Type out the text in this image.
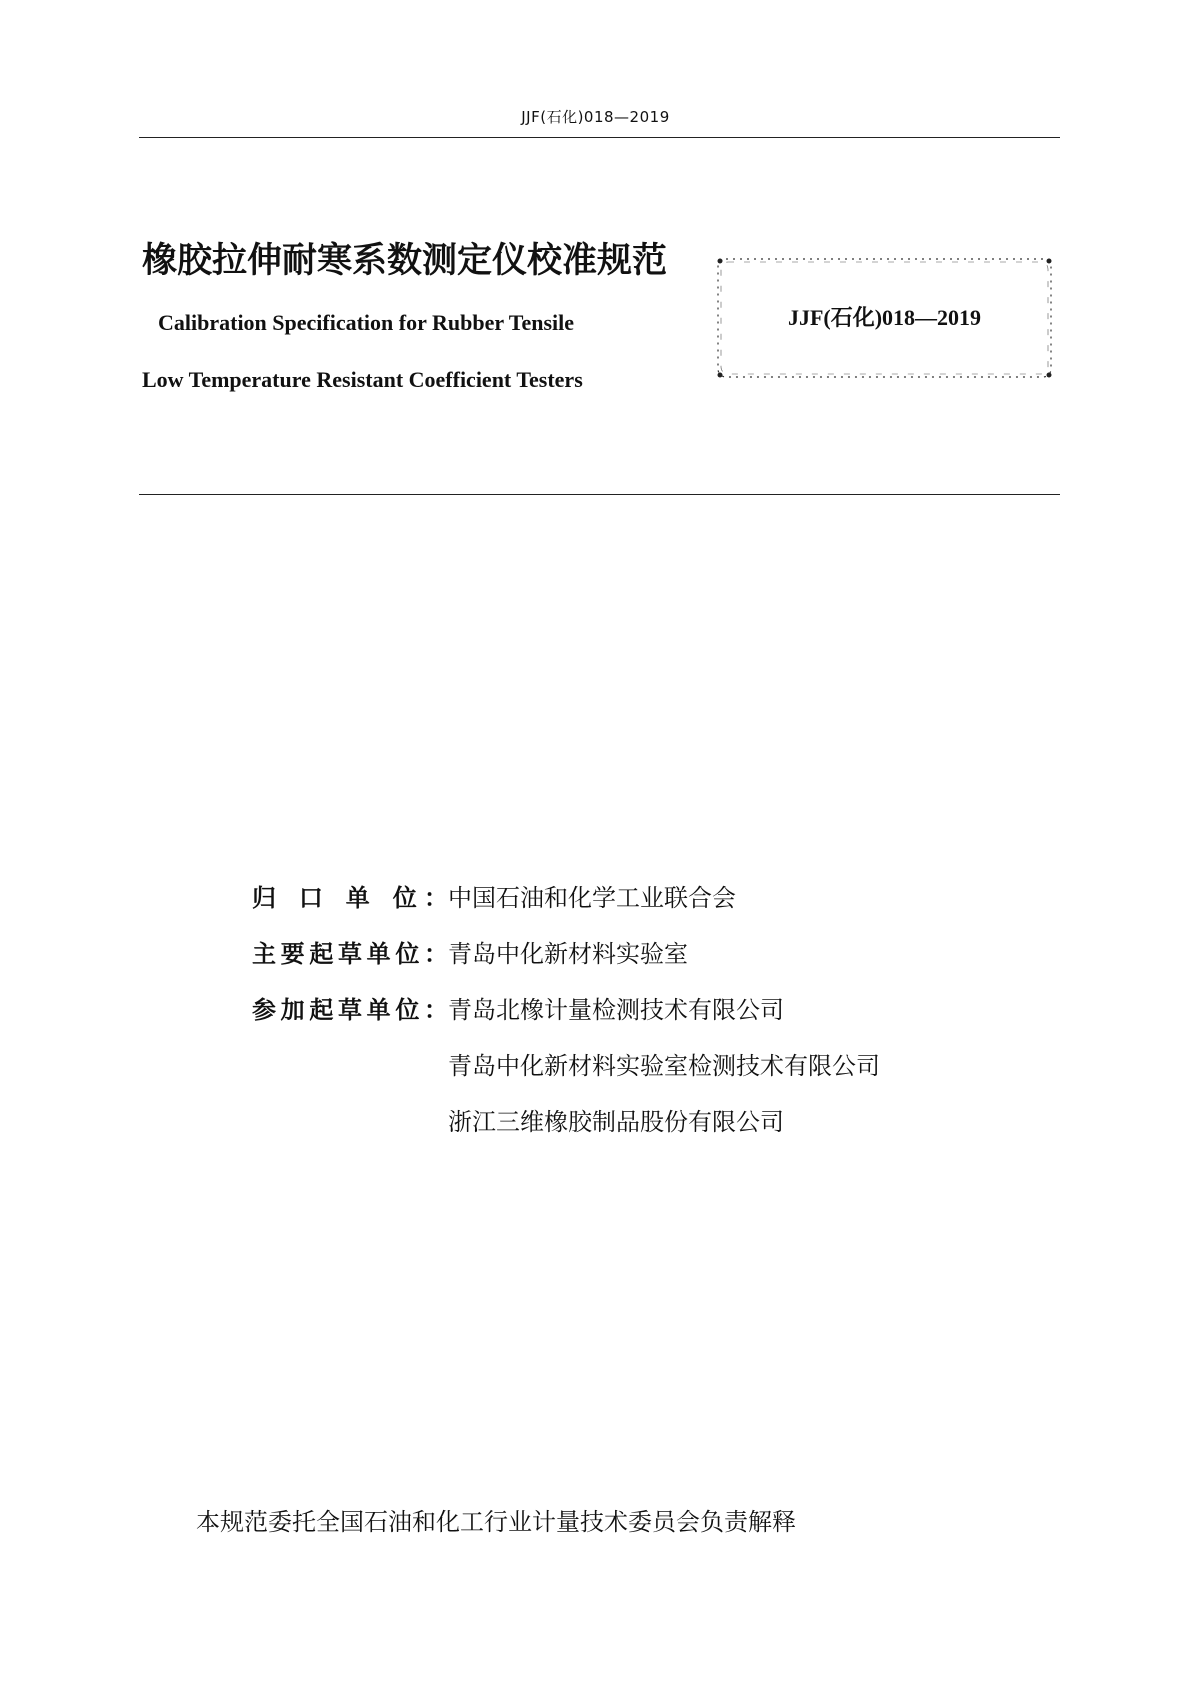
JJF(石化)018—2019
橡胶拉伸耐寒系数测定仪校准规范
Calibration Specification for Rubber Tensile
Low Temperature Resistant Coefficient Testers
JJF(石化)018—2019
归 口 单 位： 中国石油和化学工业联合会
主要起草单位： 青岛中化新材料实验室
参加起草单位： 青岛北橡计量检测技术有限公司
青岛中化新材料实验室检测技术有限公司
浙江三维橡胶制品股份有限公司
本规范委托全国石油和化工行业计量技术委员会负责解释
